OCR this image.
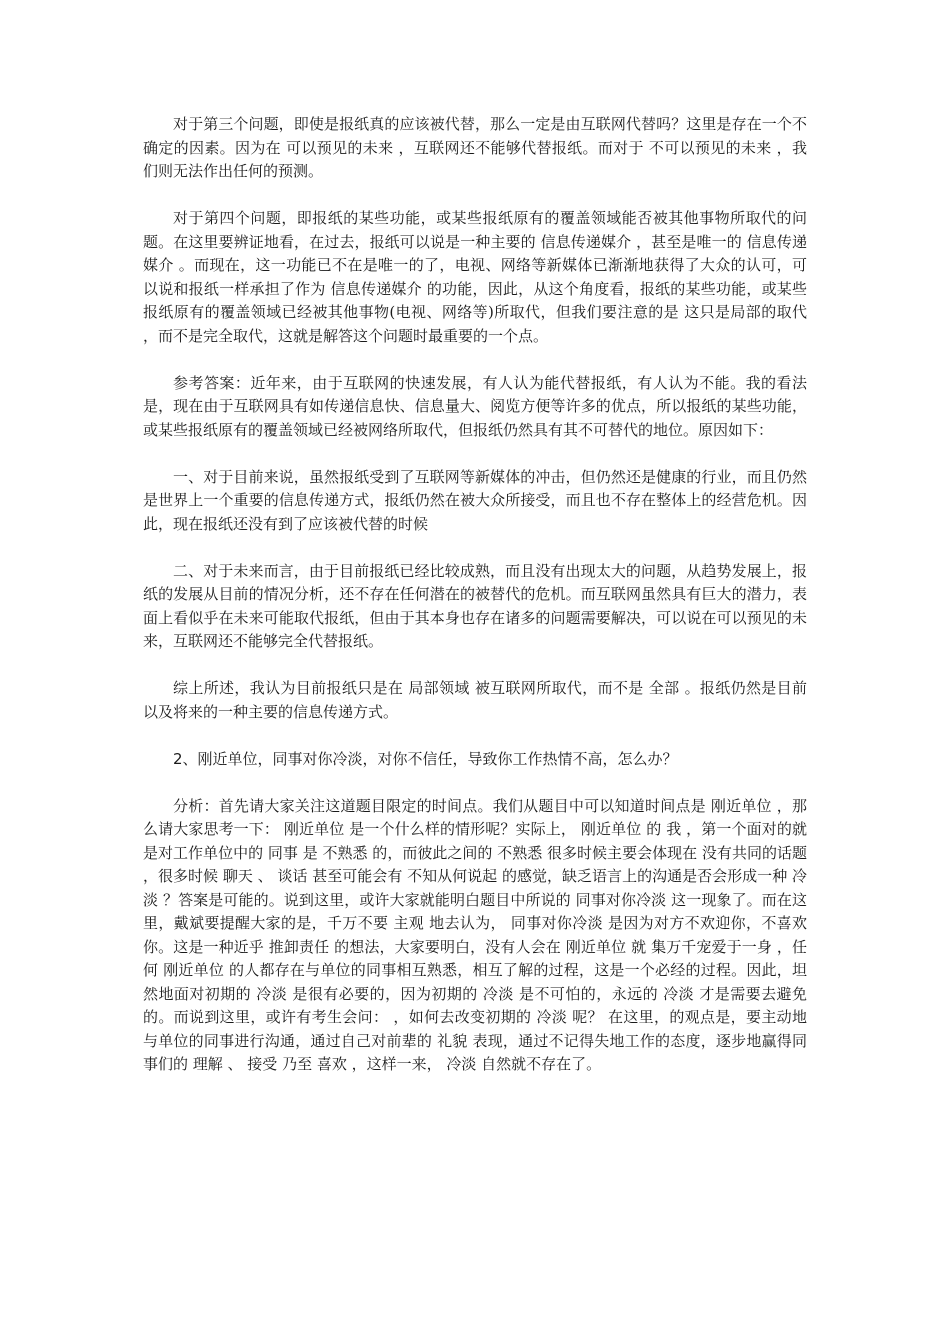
对于第三个问题，即使是报纸真的应该被代替，那么一定是由互联网代替吗？这里是存在一个不确定的因素。因为在 可以预见的未来 ，互联网还不能够代替报纸。而对于 不可以预见的未来 ，我们则无法作出任何的预测。

对于第四个问题，即报纸的某些功能，或某些报纸原有的覆盖领域能否被其他事物所取代的问题。在这里要辨证地看，在过去，报纸可以说是一种主要的 信息传递媒介 ，甚至是唯一的 信息传递媒介 。而现在，这一功能已不在是唯一的了，电视、网络等新媒体已渐渐地获得了大众的认可，可以说和报纸一样承担了作为 信息传递媒介 的功能，因此，从这个角度看，报纸的某些功能，或某些报纸原有的覆盖领域已经被其他事物(电视、网络等)所取代，但我们要注意的是 这只是局部的取代 ，而不是完全取代，这就是解答这个问题时最重要的一个点。

参考答案：近年来，由于互联网的快速发展，有人认为能代替报纸，有人认为不能。我的看法是，现在由于互联网具有如传递信息快、信息量大、阅览方便等许多的优点，所以报纸的某些功能，或某些报纸原有的覆盖领域已经被网络所取代，但报纸仍然具有其不可替代的地位。原因如下：

一、对于目前来说，虽然报纸受到了互联网等新媒体的冲击，但仍然还是健康的行业，而且仍然是世界上一个重要的信息传递方式，报纸仍然在被大众所接受，而且也不存在整体上的经营危机。因此，现在报纸还没有到了应该被代替的时候

二、对于未来而言，由于目前报纸已经比较成熟，而且没有出现太大的问题，从趋势发展上，报纸的发展从目前的情况分析，还不存在任何潜在的被替代的危机。而互联网虽然具有巨大的潜力，表面上看似乎在未来可能取代报纸，但由于其本身也存在诸多的问题需要解决，可以说在可以预见的未来，互联网还不能够完全代替报纸。

综上所述，我认为目前报纸只是在 局部领域 被互联网所取代，而不是 全部 。报纸仍然是目前以及将来的一种主要的信息传递方式。

2、刚近单位，同事对你冷淡，对你不信任，导致你工作热情不高，怎么办？

分析：首先请大家关注这道题目限定的时间点。我们从题目中可以知道时间点是 刚近单位 ，那么请大家思考一下： 刚近单位 是一个什么样的情形呢？实际上， 刚近单位 的 我 ，第一个面对的就是对工作单位中的 同事 是 不熟悉 的，而彼此之间的 不熟悉 很多时候主要会体现在 没有共同的话题 ，很多时候 聊天 、 谈话 甚至可能会有 不知从何说起 的感觉，缺乏语言上的沟通是否会形成一种 冷淡 ？答案是可能的。说到这里，或许大家就能明白题目中所说的 同事对你冷淡 这一现象了。而在这里，戴斌要提醒大家的是，千万不要 主观 地去认为， 同事对你冷淡 是因为对方不欢迎你，不喜欢你。这是一种近乎 推卸责任 的想法，大家要明白，没有人会在 刚近单位 就 集万千宠爱于一身 ，任何 刚近单位 的人都存在与单位的同事相互熟悉，相互了解的过程，这是一个必经的过程。因此，坦然地面对初期的 冷淡 是很有必要的，因为初期的 冷淡 是不可怕的，永远的 冷淡 才是需要去避免的。而说到这里，或许有考生会问： ，如何去改变初期的 冷淡 呢？ 在这里，的观点是，要主动地与单位的同事进行沟通，通过自己对前辈的 礼貌 表现，通过不记得失地工作的态度，逐步地赢得同事们的 理解 、 接受 乃至 喜欢 ，这样一来， 冷淡 自然就不存在了。
